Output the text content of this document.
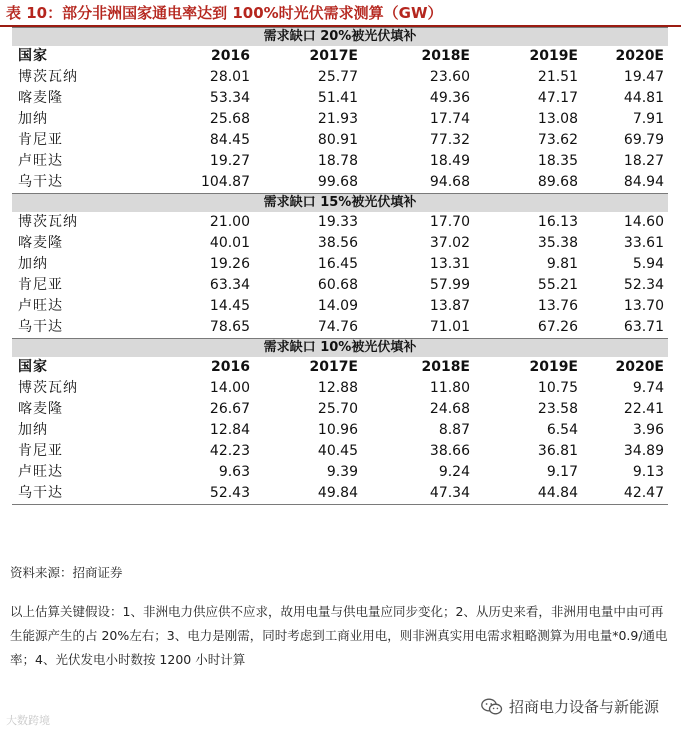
表 10：部分非洲国家通电率达到 100%时光伏需求测算（GW）
需求缺口 20%被光伏填补
国家	2016	2017E	2018E	2019E	2020E
博茨瓦纳	28.01	25.77	23.60	21.51	19.47
喀麦隆	53.34	51.41	49.36	47.17	44.81
加纳	25.68	21.93	17.74	13.08	7.91
肯尼亚	84.45	80.91	77.32	73.62	69.79
卢旺达	19.27	18.78	18.49	18.35	18.27
乌干达	104.87	99.68	94.68	89.68	84.94
需求缺口 15%被光伏填补
博茨瓦纳	21.00	19.33	17.70	16.13	14.60
喀麦隆	40.01	38.56	37.02	35.38	33.61
加纳	19.26	16.45	13.31	9.81	5.94
肯尼亚	63.34	60.68	57.99	55.21	52.34
卢旺达	14.45	14.09	13.87	13.76	13.70
乌干达	78.65	74.76	71.01	67.26	63.71
需求缺口 10%被光伏填补
国家	2016	2017E	2018E	2019E	2020E
博茨瓦纳	14.00	12.88	11.80	10.75	9.74
喀麦隆	26.67	25.70	24.68	23.58	22.41
加纳	12.84	10.96	8.87	6.54	3.96
肯尼亚	42.23	40.45	38.66	36.81	34.89
卢旺达	9.63	9.39	9.24	9.17	9.13
乌干达	52.43	49.84	47.34	44.84	42.47
资料来源：招商证券
以上估算关键假设：1、非洲电力供应供不应求，故用电量与供电量应同步变化；2、从历史来看，非洲用电量中由可再生能源产生的占 20%左右；3、电力是刚需，同时考虑到工商业用电，则非洲真实用电需求粗略测算为用电量*0.9/通电率；4、光伏发电小时数按 1200 小时计算
招商电力设备与新能源
大数跨境
